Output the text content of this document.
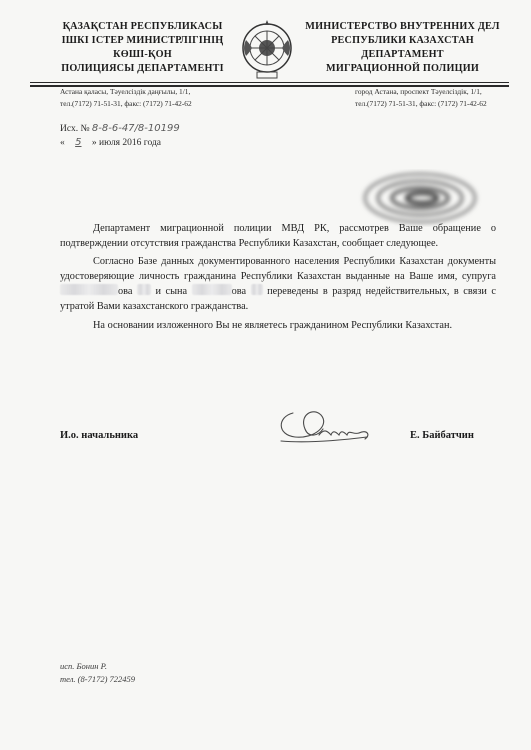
ҚАЗАҚСТАН РЕСПУБЛИКАСЫ
ІШКІ ІСТЕР МИНИСТРЛІГІНІҢ
КӨШІ-ҚОН
ПОЛИЦИЯСЫ ДЕПАРТАМЕНТІ
МИНИСТЕРСТВО ВНУТРЕННИХ ДЕЛ
РЕСПУБЛИКИ КАЗАХСТАН
ДЕПАРТАМЕНТ
МИГРАЦИОННОЙ ПОЛИЦИИ
Астана қаласы, Тәуелсіздік даңғылы, 1/1,
тел.(7172) 71-51-31, факс: (7172) 71-42-62
город Астана, проспект Тәуелсіздік, 1/1,
тел.(7172) 71-51-31, факс: (7172) 71-42-62
Исх. № 8-8-6-47/8-10199
« 5 » июля 2016 года

Департамент миграционной полиции МВД РК, рассмотрев Ваше обращение о подтверждении отсутствия гражданства Республики Казахстан, сообщает следующее.

Согласно Базе данных документированного населения Республики Казахстан документы удостоверяющие личность гражданина Республики Казахстан выданные на Ваше имя, супруга ова и сына	ова переведены в разряд недействительных, в связи с утратой Вами казахстанского гражданства.

На основании изложенного Вы не являетесь гражданином Республики Казахстан.

И.о. начальника	Е. Байбатчин
исп. Бонин Р.
тел. (8-7172) 722459
